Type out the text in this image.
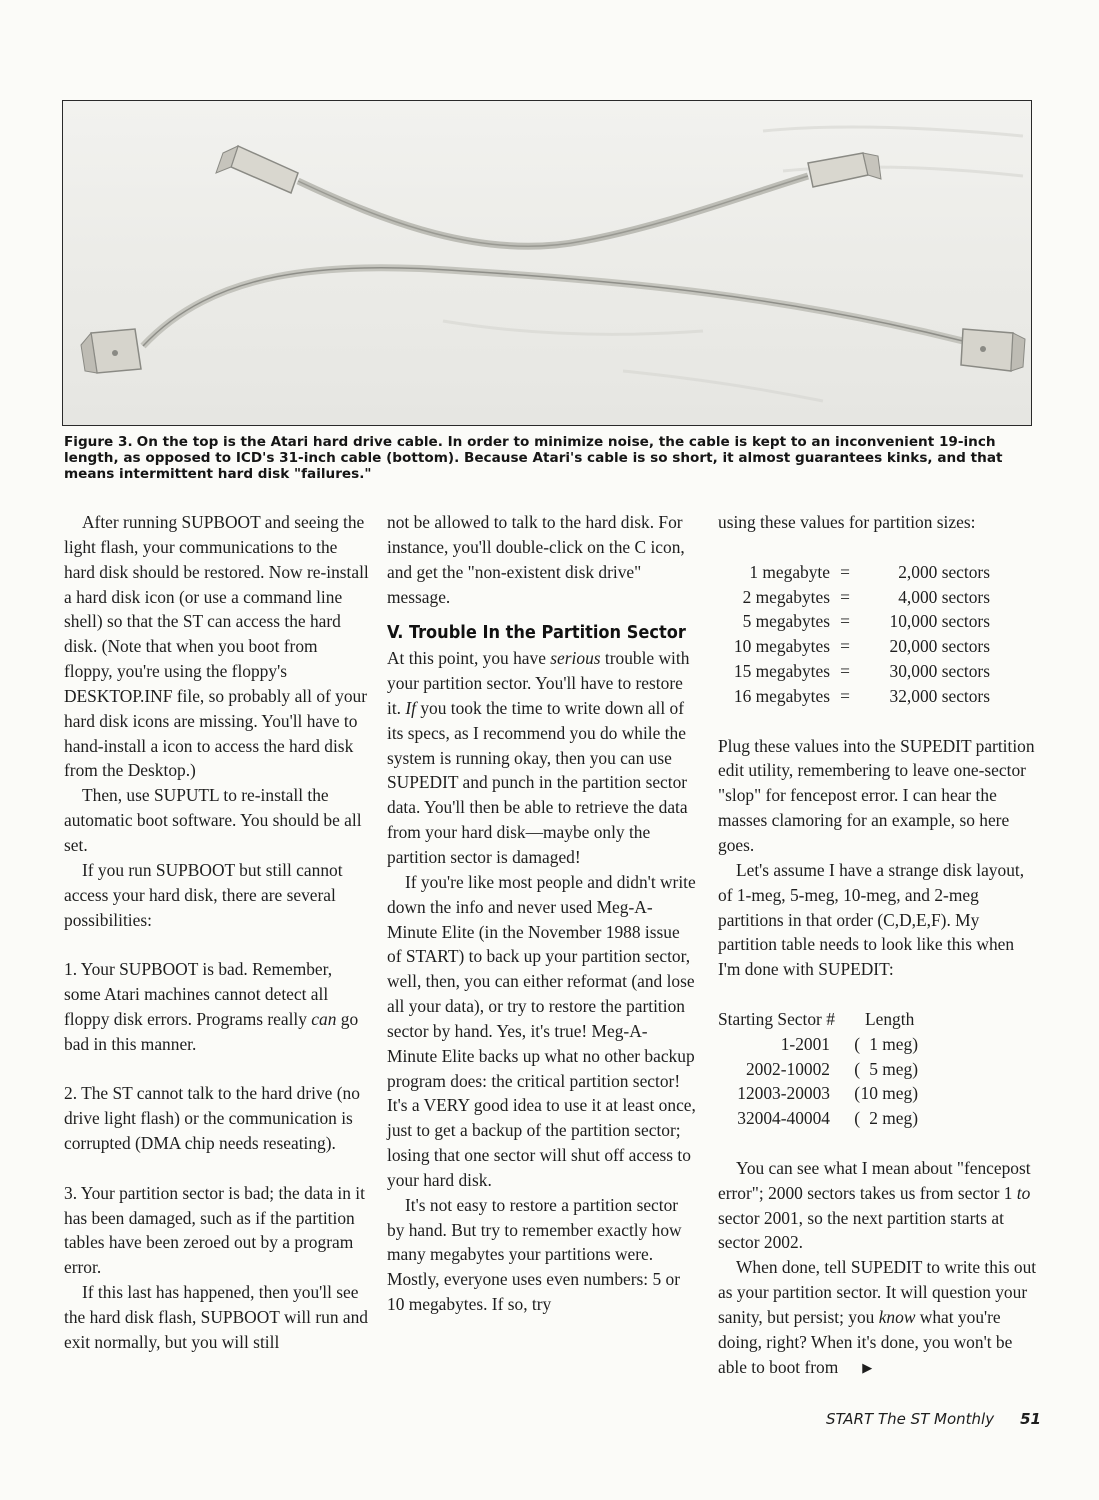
Figure 3. On the top is the Atari hard drive cable. In order to minimize noise, the cable is kept to an inconvenient 19-inch length, as opposed to ICD's 31-inch cable (bottom). Because Atari's cable is so short, it almost guarantees kinks, and that means intermittent hard disk "failures."

After running SUPBOOT and seeing the light flash, your communications to the hard disk should be restored. Now re-install a hard disk icon (or use a command line shell) so that the ST can access the hard disk. (Note that when you boot from floppy, you're using the floppy's DESKTOP.INF file, so probably all of your hard disk icons are missing. You'll have to hand-install a icon to access the hard disk from the Desktop.)

Then, use SUPUTL to re-install the automatic boot software. You should be all set.

If you run SUPBOOT but still cannot access your hard disk, there are several possibilities:

1. Your SUPBOOT is bad. Remember, some Atari machines cannot detect all floppy disk errors. Programs really can go bad in this manner.

2. The ST cannot talk to the hard drive (no drive light flash) or the communication is corrupted (DMA chip needs reseating).

3. Your partition sector is bad; the data in it has been damaged, such as if the partition tables have been zeroed out by a program error.

If this last has happened, then you'll see the hard disk flash, SUPBOOT will run and exit normally, but you will still

not be allowed to talk to the hard disk. For instance, you'll double-click on the C icon, and get the "non-existent disk drive" message.

V. Trouble In the Partition Sector

At this point, you have serious trouble with your partition sector. You'll have to restore it. If you took the time to write down all of its specs, as I recommend you do while the system is running okay, then you can use SUPEDIT and punch in the partition sector data. You'll then be able to retrieve the data from your hard disk—maybe only the partition sector is damaged!

If you're like most people and didn't write down the info and never used Meg-A-Minute Elite (in the November 1988 issue of START) to back up your partition sector, well, then, you can either reformat (and lose all your data), or try to restore the partition sector by hand. Yes, it's true! Meg-A-Minute Elite backs up what no other backup program does: the critical partition sector! It's a VERY good idea to use it at least once, just to get a backup of the partition sector; losing that one sector will shut off access to your hard disk.

It's not easy to restore a partition sector by hand. But try to remember exactly how many megabytes your partitions were. Mostly, everyone uses even numbers: 5 or 10 megabytes. If so, try

using these values for partition sizes:

1 megabyte =	2,000 sectors
2 megabytes =	4,000 sectors
5 megabytes =	10,000 sectors
10 megabytes =	20,000 sectors
15 megabytes =	30,000 sectors
16 megabytes =	32,000 sectors

Plug these values into the SUPEDIT partition edit utility, remembering to leave one-sector "slop" for fencepost error. I can hear the masses clamoring for an example, so here goes.

Let's assume I have a strange disk layout, of 1-meg, 5-meg, 10-meg, and 2-meg partitions in that order (C,D,E,F). My partition table needs to look like this when I'm done with SUPEDIT:

Starting Sector #	Length
1-2001	( 1 meg)
2002-10002	( 5 meg)
12003-20003	( 10 meg)
32004-40004	( 2 meg)

You can see what I mean about "fencepost error"; 2000 sectors takes us from sector 1 to sector 2001, so the next partition starts at sector 2002.

When done, tell SUPEDIT to write this out as your partition sector. It will question your sanity, but persist; you know what you're doing, right? When it's done, you won't be able to boot from ▶

START The ST Monthly 51
